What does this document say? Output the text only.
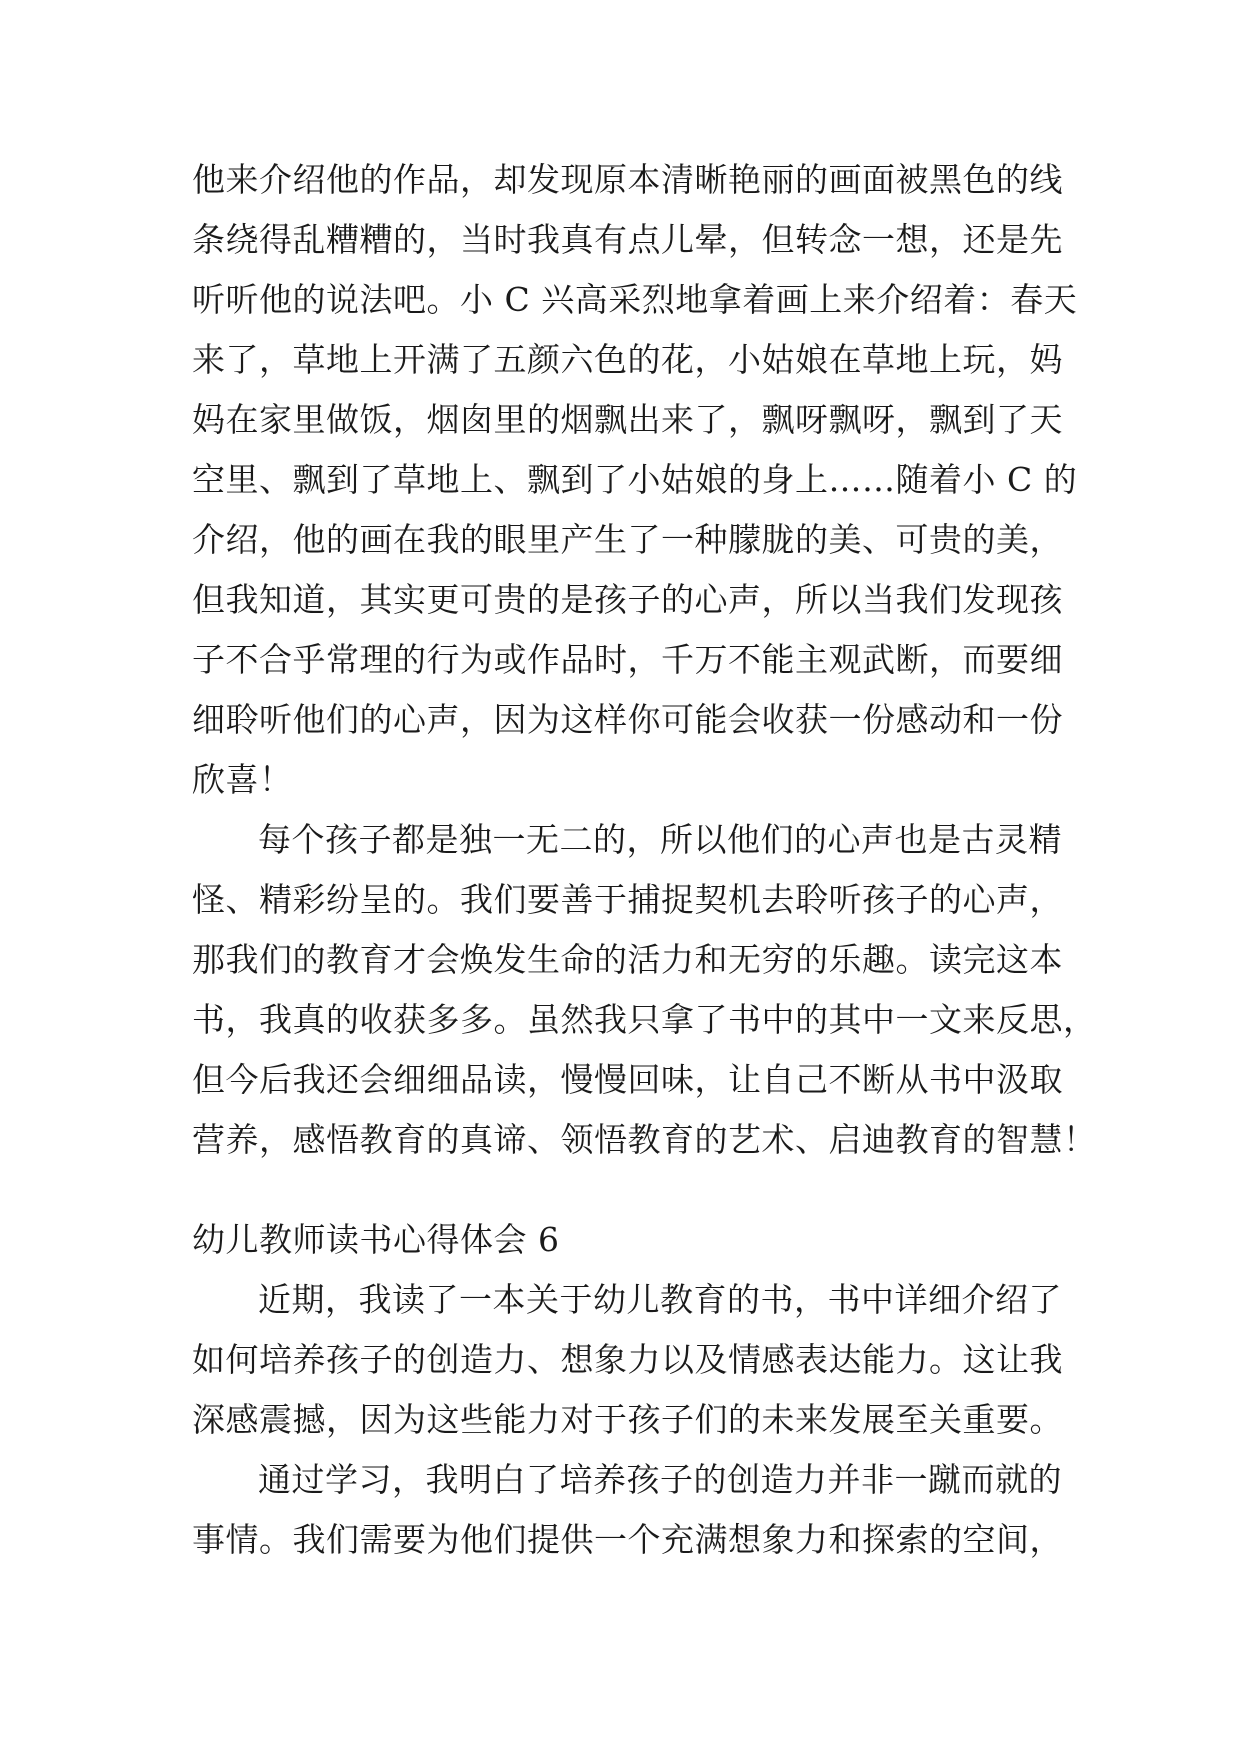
他来介绍他的作品，却发现原本清晰艳丽的画面被黑色的线
条绕得乱糟糟的，当时我真有点儿晕，但转念一想，还是先
听听他的说法吧。小 C 兴高采烈地拿着画上来介绍着：春天
来了，草地上开满了五颜六色的花，小姑娘在草地上玩，妈
妈在家里做饭，烟囱里的烟飘出来了，飘呀飘呀，飘到了天
空里、飘到了草地上、飘到了小姑娘的身上……随着小 C 的
介绍，他的画在我的眼里产生了一种朦胧的美、可贵的美，
但我知道，其实更可贵的是孩子的心声，所以当我们发现孩
子不合乎常理的行为或作品时，千万不能主观武断，而要细
细聆听他们的心声，因为这样你可能会收获一份感动和一份
欣喜！
每个孩子都是独一无二的，所以他们的心声也是古灵精
怪、精彩纷呈的。我们要善于捕捉契机去聆听孩子的心声，
那我们的教育才会焕发生命的活力和无穷的乐趣。读完这本
书，我真的收获多多。虽然我只拿了书中的其中一文来反思，
但今后我还会细细品读，慢慢回味，让自己不断从书中汲取
营养，感悟教育的真谛、领悟教育的艺术、启迪教育的智慧！
幼儿教师读书心得体会 6
近期，我读了一本关于幼儿教育的书，书中详细介绍了
如何培养孩子的创造力、想象力以及情感表达能力。这让我
深感震撼，因为这些能力对于孩子们的未来发展至关重要。
通过学习，我明白了培养孩子的创造力并非一蹴而就的
事情。我们需要为他们提供一个充满想象力和探索的空间，
